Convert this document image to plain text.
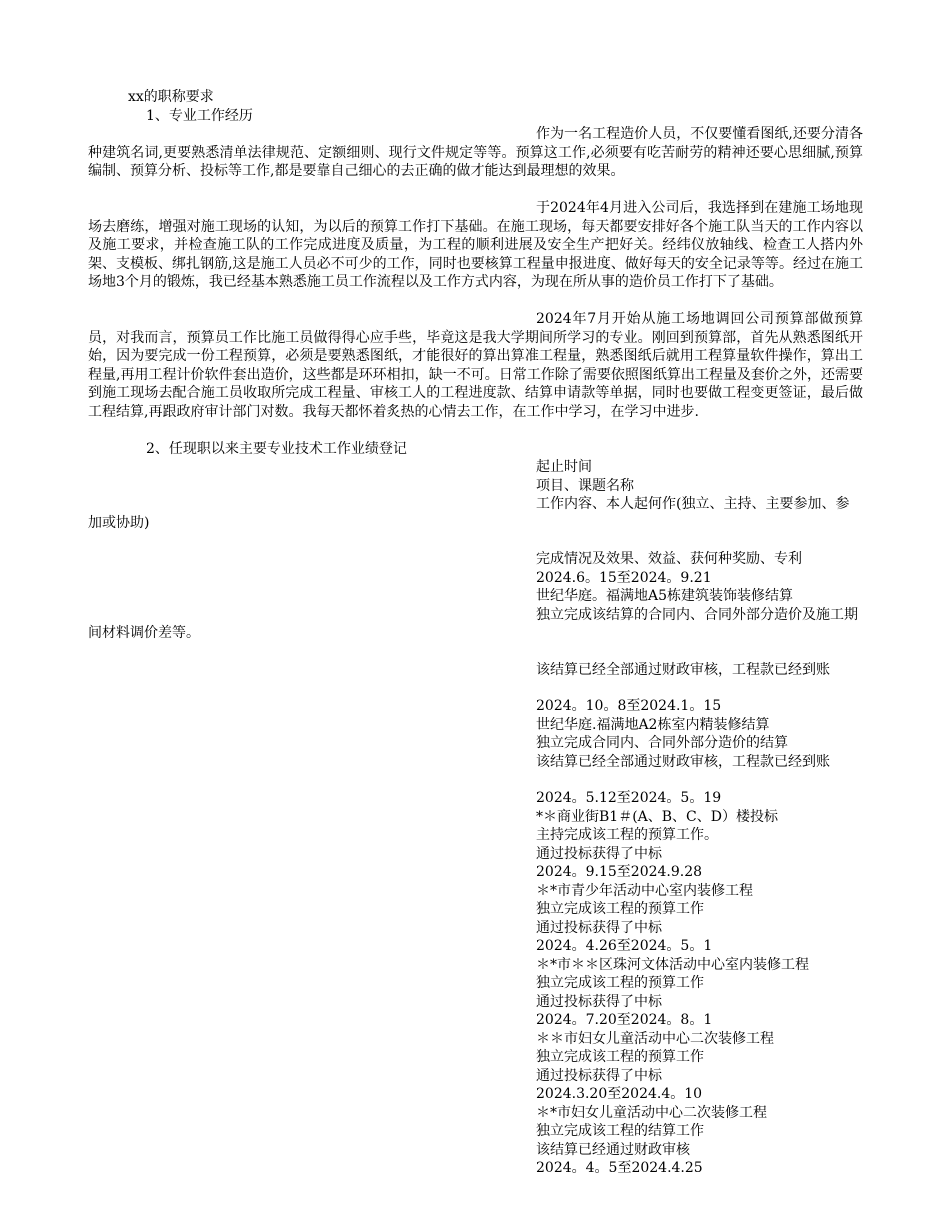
xx的职称要求
1、专业工作经历

作为一名工程造价人员，不仅要懂看图纸,还要分清各种建筑名词,更要熟悉清单法律规范、定额细则、现行文件规定等等。预算这工作,必须要有吃苦耐劳的精神还要心思细腻,预算编制、预算分析、投标等工作,都是要靠自己细心的去正确的做才能达到最理想的效果。

于2024年4月进入公司后，我选择到在建施工场地现场去磨练，增强对施工现场的认知，为以后的预算工作打下基础。在施工现场，每天都要安排好各个施工队当天的工作内容以及施工要求，并检查施工队的工作完成进度及质量，为工程的顺利进展及安全生产把好关。经纬仪放轴线、检查工人搭内外架、支模板、绑扎钢筋,这是施工人员必不可少的工作，同时也要核算工程量申报进度、做好每天的安全记录等等。经过在施工场地3个月的锻炼，我已经基本熟悉施工员工作流程以及工作方式内容，为现在所从事的造价员工作打下了基础。

2024年7月开始从施工场地调回公司预算部做预算员，对我而言，预算员工作比施工员做得得心应手些，毕竟这是我大学期间所学习的专业。刚回到预算部，首先从熟悉图纸开始，因为要完成一份工程预算，必须是要熟悉图纸，才能很好的算出算准工程量，熟悉图纸后就用工程算量软件操作，算出工程量,再用工程计价软件套出造价，这些都是环环相扣，缺一不可。日常工作除了需要依照图纸算出工程量及套价之外，还需要到施工现场去配合施工员收取所完成工程量、审核工人的工程进度款、结算申请款等单据，同时也要做工程变更签证，最后做工程结算,再跟政府审计部门对数。我每天都怀着炙热的心情去工作，在工作中学习，在学习中进步.

2、任现职以来主要专业技术工作业绩登记

起止时间

项目、课题名称

工作内容、本人起何作(独立、主持、主要参加、参加或协助)

完成情况及效果、效益、获何种奖励、专利

2024.6。15至2024。9.21

世纪华庭。福满地A5栋建筑装饰装修结算

独立完成该结算的合同内、合同外部分造价及施工期间材料调价差等。

该结算已经全部通过财政审核，工程款已经到账

2024。10。8至2024.1。15

世纪华庭.福满地A2栋室内精装修结算

独立完成合同内、合同外部分造价的结算

该结算已经全部通过财政审核，工程款已经到账

2024。5.12至2024。5。19

*＊商业街B1＃(A、B、C、D）楼投标

主持完成该工程的预算工作。

通过投标获得了中标

2024。9.15至2024.9.28

＊*市青少年活动中心室内装修工程

独立完成该工程的预算工作

通过投标获得了中标

2024。4.26至2024。5。1

＊*市＊＊区珠河文体活动中心室内装修工程

独立完成该工程的预算工作

通过投标获得了中标

2024。7.20至2024。8。1

＊＊市妇女儿童活动中心二次装修工程

独立完成该工程的预算工作

通过投标获得了中标

2024.3.20至2024.4。10

＊*市妇女儿童活动中心二次装修工程

独立完成该工程的结算工作

该结算已经通过财政审核

2024。4。5至2024.4.25
